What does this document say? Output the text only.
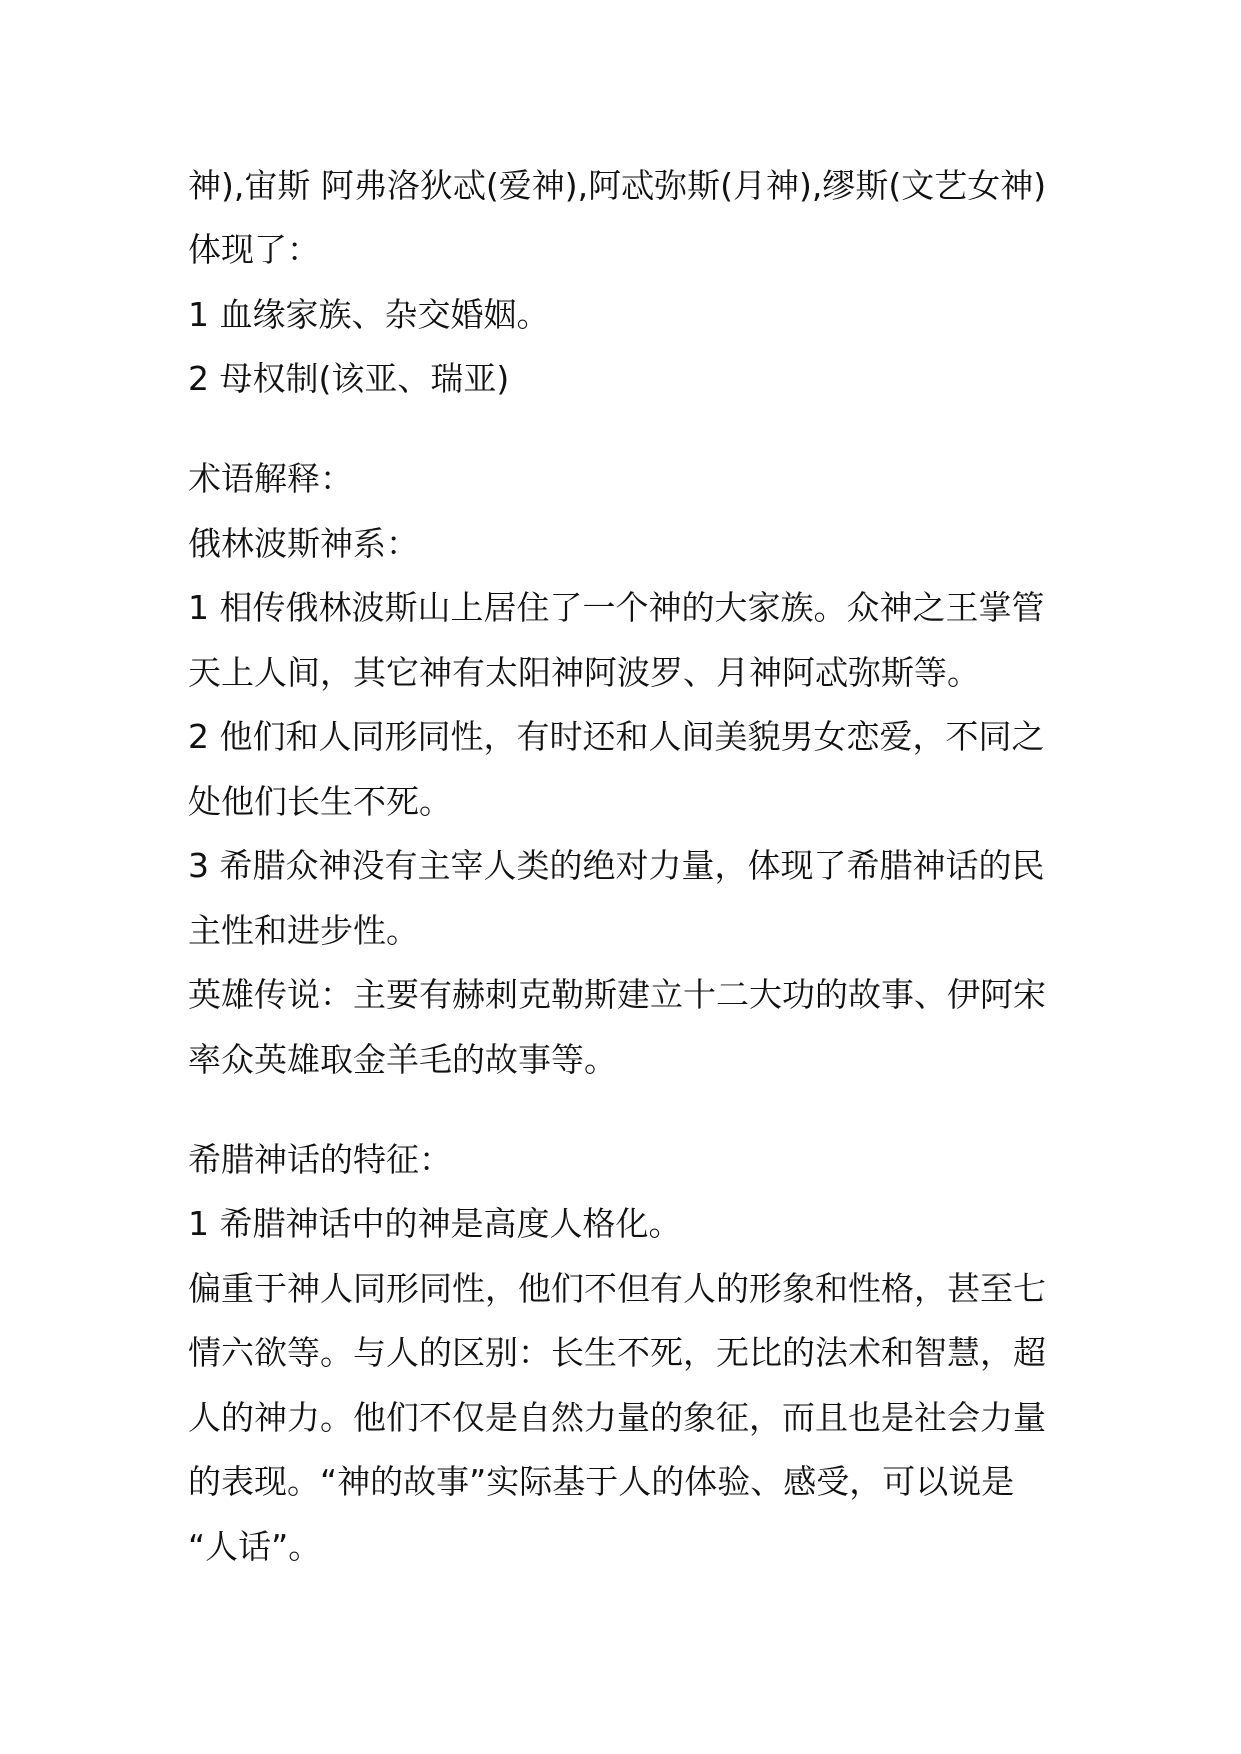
神),宙斯 阿弗洛狄忒(爱神),阿忒弥斯(月神),缪斯(文艺女神)
体现了：
1 血缘家族、杂交婚姻。
2 母权制(该亚、瑞亚)
术语解释：
俄林波斯神系：
1 相传俄林波斯山上居住了一个神的大家族。众神之王掌管
天上人间，其它神有太阳神阿波罗、月神阿忒弥斯等。
2 他们和人同形同性，有时还和人间美貌男女恋爱，不同之
处他们长生不死。
3 希腊众神没有主宰人类的绝对力量，体现了希腊神话的民
主性和进步性。
英雄传说：主要有赫刺克勒斯建立十二大功的故事、伊阿宋
率众英雄取金羊毛的故事等。
希腊神话的特征：
1 希腊神话中的神是高度人格化。
偏重于神人同形同性，他们不但有人的形象和性格，甚至七
情六欲等。与人的区别：长生不死，无比的法术和智慧，超
人的神力。他们不仅是自然力量的象征，而且也是社会力量
的表现。“神的故事”实际基于人的体验、感受，可以说是
“人话”。
